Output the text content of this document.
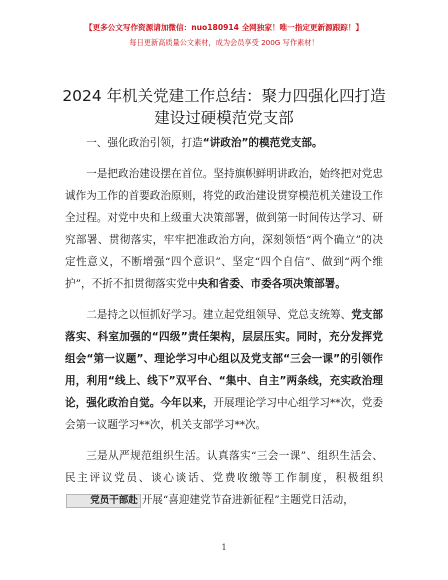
【更多公文写作资源请加微信：nuo180914 全网独家！唯一指定更新源跟踪！】
每日更新高质量公文素材，成为会员享受 200G 写作素材！
2024 年机关党建工作总结：聚力四强化四打造
建设过硬模范党支部

一、强化政治引领，打造“讲政治”的模范党支部。

一是把政治建设摆在首位。坚持旗帜鲜明讲政治，始终把对党忠诚作为工作的首要政治原则，将党的政治建设贯穿模范机关建设工作全过程。对党中央和上级重大决策部署，做到第一时间传达学习、研究部署、贯彻落实，牢牢把准政治方向，深刻领悟“两个确立”的决定性意义，不断增强“四个意识”、坚定“四个自信”、做到“两个维护”，不折不扣贯彻落实党中央和省委、市委各项决策部署。

二是持之以恒抓好学习。建立起党组领导、党总支统筹、党支部落实、科室加强的“四级”责任架构，层层压实。同时，充分发挥党组会“第一议题”、理论学习中心组以及党支部“三会一课”的引领作用，利用“线上、线下”双平台、“集中、自主”两条线，充实政治理论，强化政治自觉。今年以来，开展理论学习中心组学习**次，党委会第一议题学习**次，机关支部学习**次。

三是从严规范组织生活。认真落实“三会一课”、组织生活会、民主评议党员、谈心谈话、党费收缴等工作制度，积极组织党员干部赴 开展“喜迎建党节奋进新征程”主题党日活动，

1
